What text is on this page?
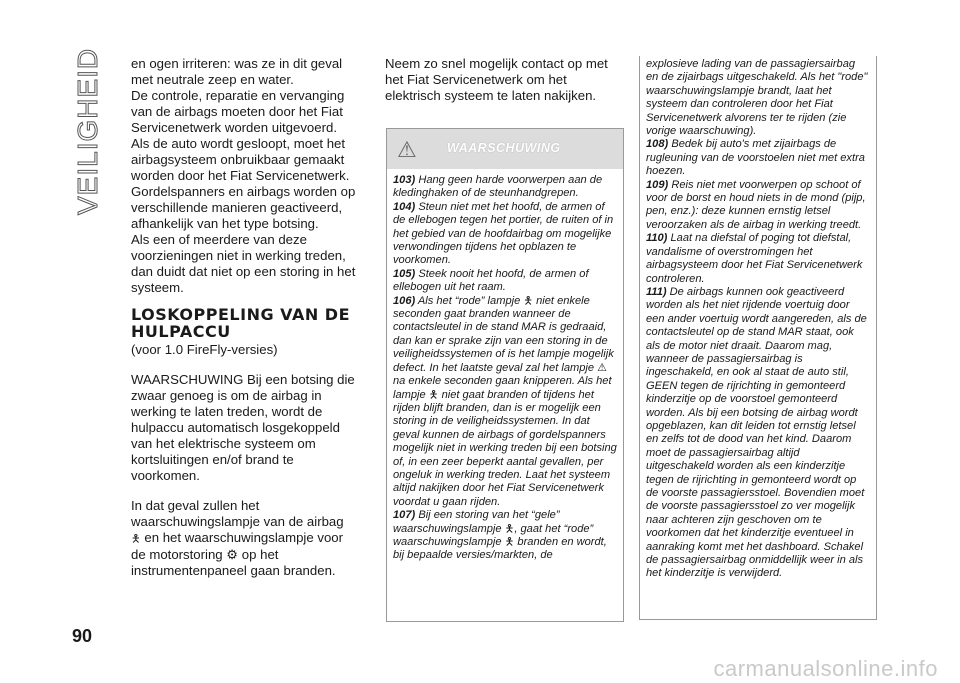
VEILIGHEID en ogen irriteren: was ze in dit geval met neutrale zeep en water.

De controle, reparatie en vervanging van de airbags moeten door het Fiat Servicenetwerk worden uitgevoerd.

Als de auto wordt gesloopt, moet het airbagsysteem onbruikbaar gemaakt worden door het Fiat Servicenetwerk. Gordelspanners en airbags worden op verschillende manieren geactiveerd, afhankelijk van het type botsing.

Als een of meerdere van deze voorzieningen niet in werking treden, dan duidt dat niet op een storing in het systeem.

LOSKOPPELING VAN DE HULPACCU

(voor 1.0 FireFly-versies)

WAARSCHUWING Bij een botsing die zwaar genoeg is om de airbag in werking te laten treden, wordt de hulpaccu automatisch losgekoppeld van het elektrische systeem om kortsluitingen en/of brand te voorkomen.

In dat geval zullen het waarschuwingslampje van de airbag
🯅 en het waarschuwingslampje voor de motorstoring ⚙ op het instrumentenpaneel gaan branden.

Neem zo snel mogelijk contact op met het Fiat Servicenetwerk om het elektrisch systeem te laten nakijken.

⚠ WAARSCHUWING

103) Hang geen harde voorwerpen aan de kledinghaken of de steunhandgrepen.

104) Steun niet met het hoofd, de armen of de ellebogen tegen het portier, de ruiten of in het gebied van de hoofdairbag om mogelijke verwondingen tijdens het opblazen te voorkomen.

105) Steek nooit het hoofd, de armen of ellebogen uit het raam.

106) Als het “rode” lampje 🯅 niet enkele seconden gaat branden wanneer de contactsleutel in de stand MAR is gedraaid, dan kan er sprake zijn van een storing in de veiligheidssystemen of is het lampje mogelijk defect. In het laatste geval zal het lampje ⚠ na enkele seconden gaan knipperen. Als het lampje 🯅 niet gaat branden of tijdens het rijden blijft branden, dan is er mogelijk een storing in de veiligheidssystemen. In dat geval kunnen de airbags of gordelspanners mogelijk niet in werking treden bij een botsing of, in een zeer beperkt aantal gevallen, per ongeluk in werking treden. Laat het systeem altijd nakijken door het Fiat Servicenetwerk voordat u gaan rijden.

107) Bij een storing van het “gele” waarschuwingslampje 🯅, gaat het “rode” waarschuwingslampje 🯅 branden en wordt, bij bepaalde versies/markten, de

explosieve lading van de passagiersairbag en de zijairbags uitgeschakeld. Als het "rode" waarschuwingslampje brandt, laat het systeem dan controleren door het Fiat Servicenetwerk alvorens ter te rijden (zie vorige waarschuwing).

108) Bedek bij auto's met zijairbags de rugleuning van de voorstoelen niet met extra hoezen.

109) Reis niet met voorwerpen op schoot of voor de borst en houd niets in de mond (pijp, pen, enz.): deze kunnen ernstig letsel veroorzaken als de airbag in werking treedt.

110) Laat na diefstal of poging tot diefstal, vandalisme of overstromingen het airbagsysteem door het Fiat Servicenetwerk controleren.

111) De airbags kunnen ook geactiveerd worden als het niet rijdende voertuig door een ander voertuig wordt aangereden, als de contactsleutel op de stand MAR staat, ook als de motor niet draait. Daarom mag, wanneer de passagiersairbag is ingeschakeld, en ook al staat de auto stil, GEEN tegen de rijrichting in gemonteerd kinderzitje op de voorstoel gemonteerd worden. Als bij een botsing de airbag wordt opgeblazen, kan dit leiden tot ernstig letsel en zelfs tot de dood van het kind. Daarom moet de passagiersairbag altijd uitgeschakeld worden als een kinderzitje tegen de rijrichting in gemonteerd wordt op de voorste passagiersstoel. Bovendien moet de voorste passagiersstoel zo ver mogelijk naar achteren zijn geschoven om te voorkomen dat het kinderzitje eventueel in aanraking komt met het dashboard. Schakel de passagiersairbag onmiddellijk weer in als het kinderzitje is verwijderd.

90
carmanualsonline.info
